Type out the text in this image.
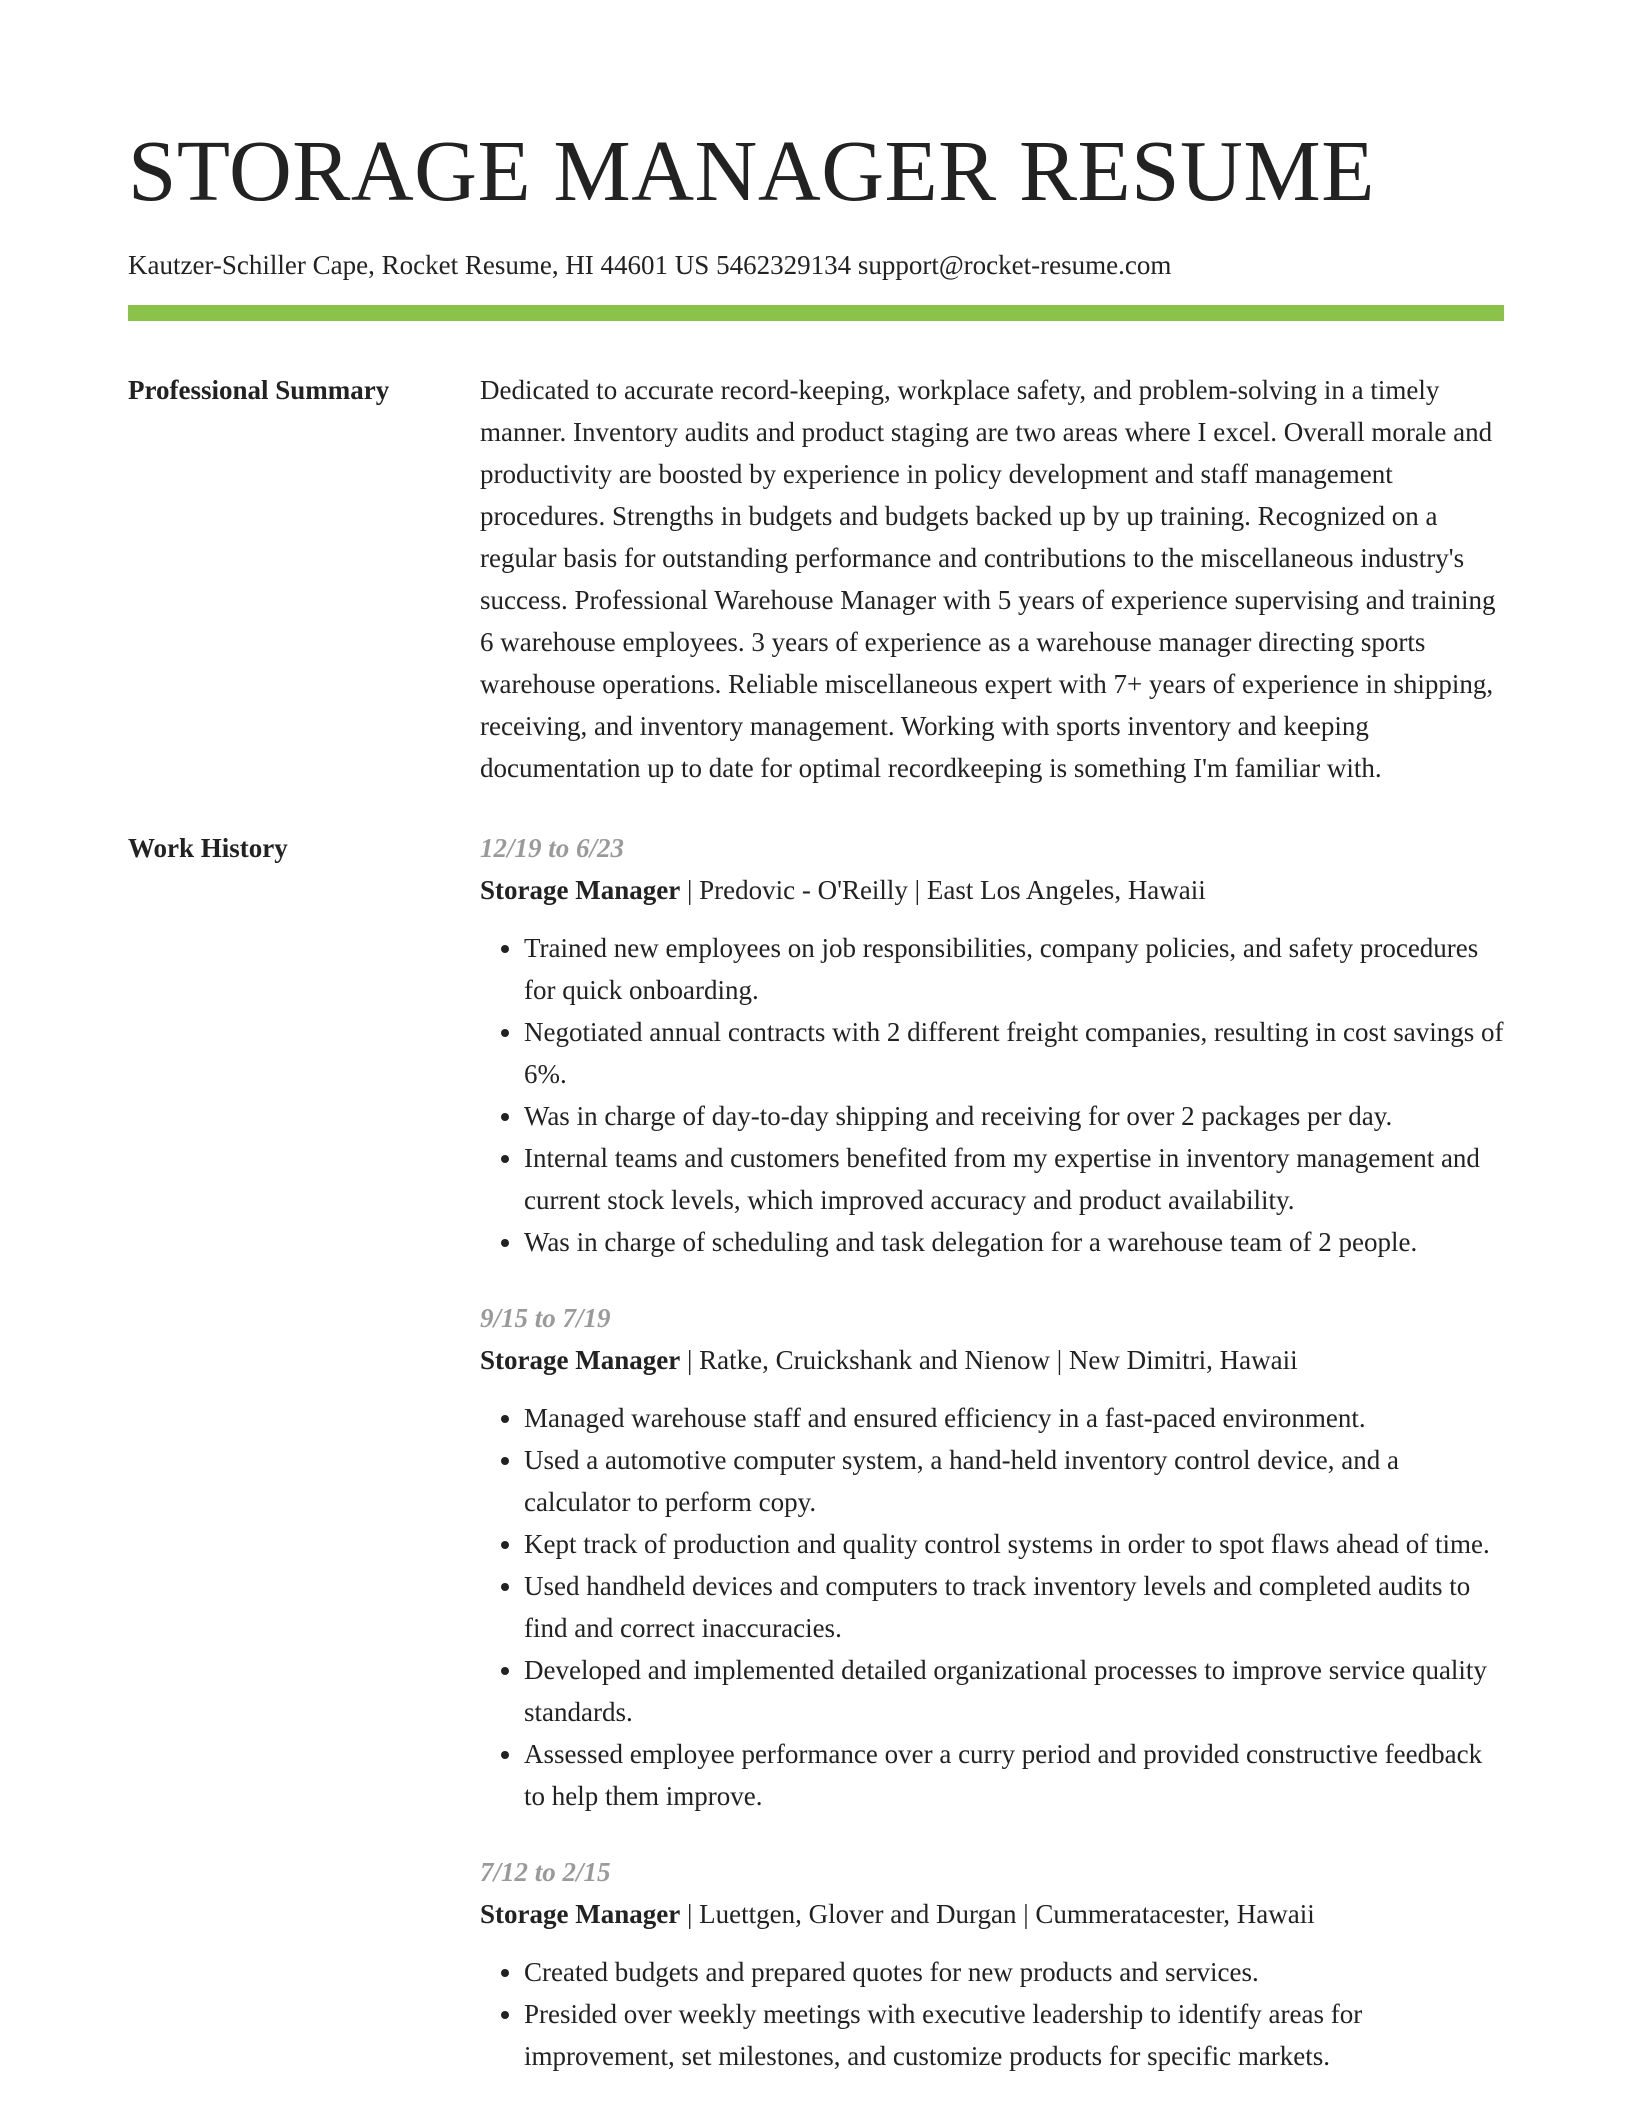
STORAGE MANAGER RESUME
Kautzer-Schiller Cape, Rocket Resume, HI 44601 US 5462329134 support@rocket-resume.com
Professional Summary	Dedicated to accurate record-keeping, workplace safety, and problem-solving in a timely manner. Inventory audits and product staging are two areas where I excel. Overall morale and productivity are boosted by experience in policy development and staff management procedures. Strengths in budgets and budgets backed up by up training. Recognized on a regular basis for outstanding performance and contributions to the miscellaneous industry's success. Professional Warehouse Manager with 5 years of experience supervising and training 6 warehouse employees. 3 years of experience as a warehouse manager directing sports warehouse operations. Reliable miscellaneous expert with 7+ years of experience in shipping, receiving, and inventory management. Working with sports inventory and keeping documentation up to date for optimal recordkeeping is something I'm familiar with.

Work History	12/19 to 6/23
Storage Manager | Predovic - O'Reilly | East Los Angeles, Hawaii
• Trained new employees on job responsibilities, company policies, and safety procedures for quick onboarding.
• Negotiated annual contracts with 2 different freight companies, resulting in cost savings of 6%.
• Was in charge of day-to-day shipping and receiving for over 2 packages per day.
• Internal teams and customers benefited from my expertise in inventory management and current stock levels, which improved accuracy and product availability.
• Was in charge of scheduling and task delegation for a warehouse team of 2 people.
9/15 to 7/19
Storage Manager | Ratke, Cruickshank and Nienow | New Dimitri, Hawaii
• Managed warehouse staff and ensured efficiency in a fast-paced environment.
• Used a automotive computer system, a hand-held inventory control device, and a calculator to perform copy.
• Kept track of production and quality control systems in order to spot flaws ahead of time.
• Used handheld devices and computers to track inventory levels and completed audits to find and correct inaccuracies.
• Developed and implemented detailed organizational processes to improve service quality standards.
• Assessed employee performance over a curry period and provided constructive feedback to help them improve.
7/12 to 2/15
Storage Manager | Luettgen, Glover and Durgan | Cummeratacester, Hawaii
• Created budgets and prepared quotes for new products and services.
• Presided over weekly meetings with executive leadership to identify areas for improvement, set milestones, and customize products for specific markets.
